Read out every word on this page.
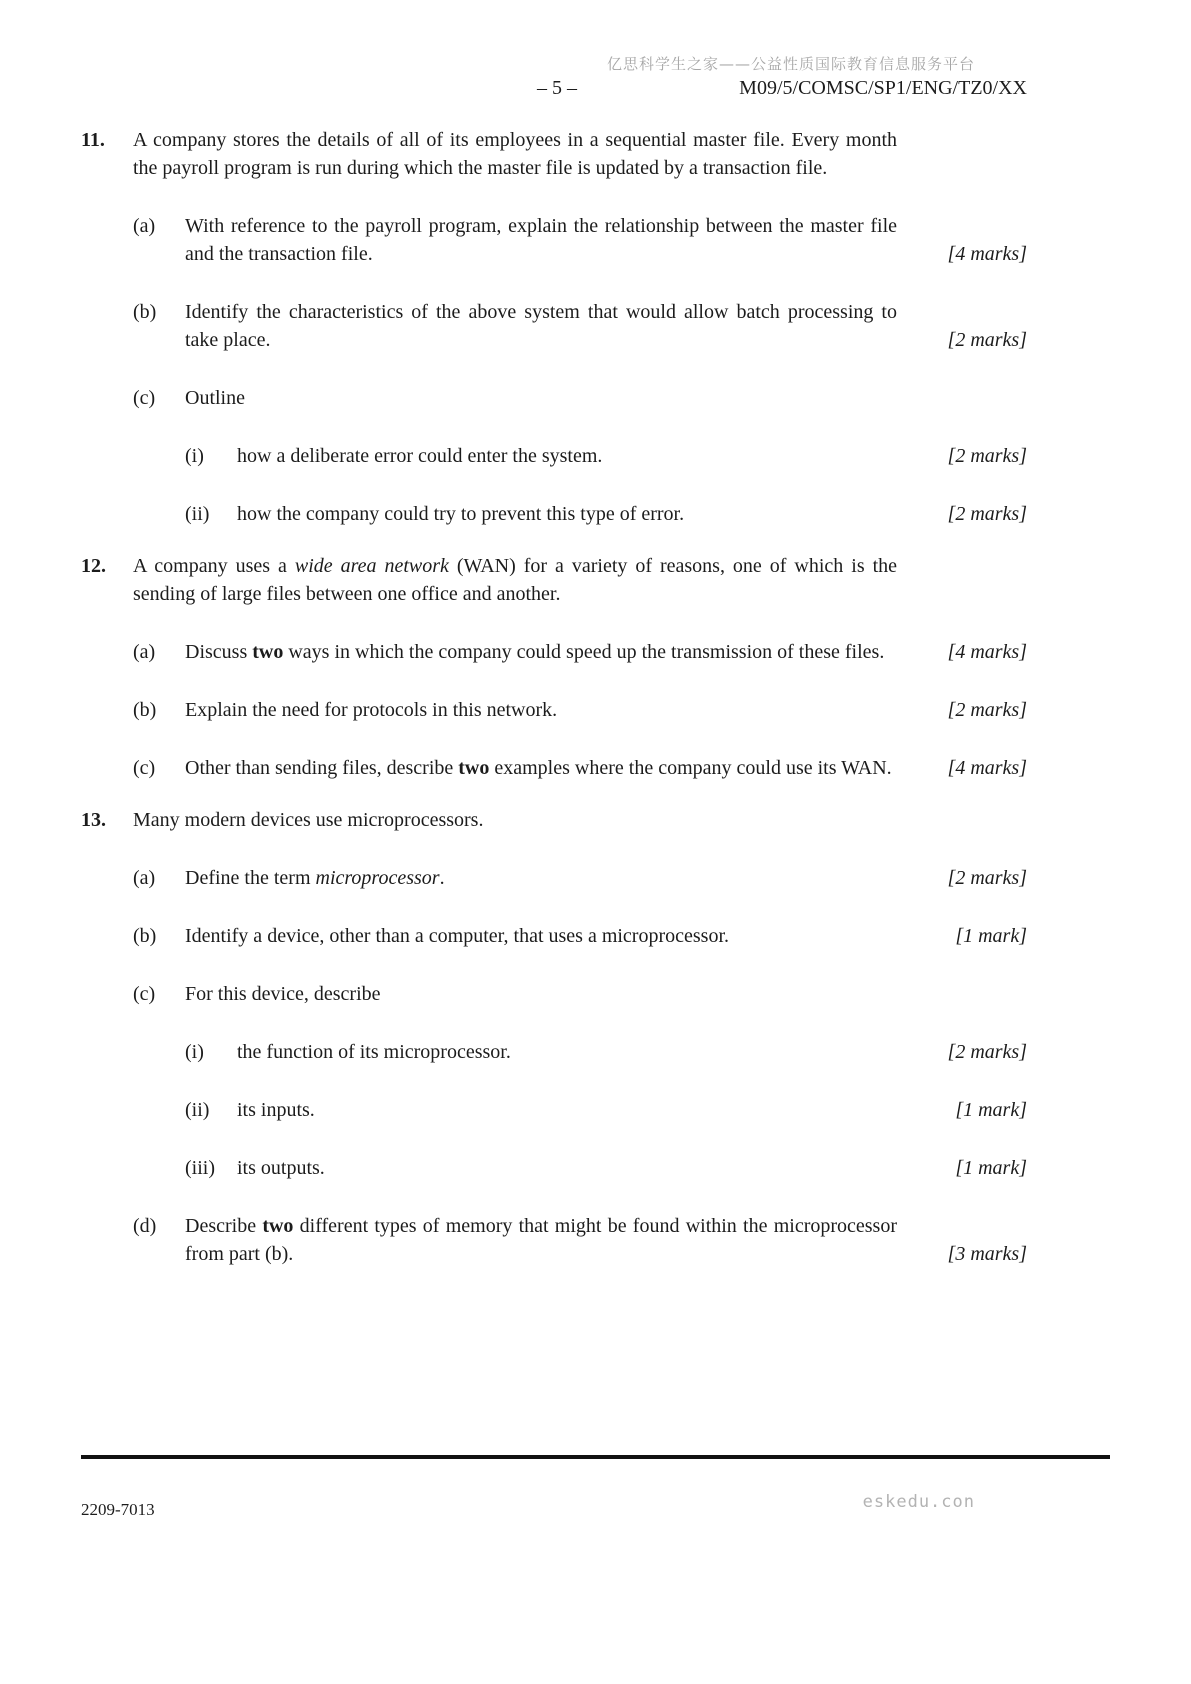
亿思科学生之家——公益性质国际教育信息服务平台
– 5 –	M09/5/COMSC/SP1/ENG/TZ0/XX
11.	A company stores the details of all of its employees in a sequential master file. Every month the payroll program is run during which the master file is updated by a transaction file.
(a)	With reference to the payroll program, explain the relationship between the master file and the transaction file.	[4 marks]
(b)	Identify the characteristics of the above system that would allow batch processing to take place.	[2 marks]
(c)	Outline
(i)	how a deliberate error could enter the system.	[2 marks]
(ii)	how the company could try to prevent this type of error.	[2 marks]
12.	A company uses a wide area network (WAN) for a variety of reasons, one of which is the sending of large files between one office and another.
(a)	Discuss two ways in which the company could speed up the transmission of these files.	[4 marks]
(b)	Explain the need for protocols in this network.	[2 marks]
(c)	Other than sending files, describe two examples where the company could use its WAN.	[4 marks]
13.	Many modern devices use microprocessors.
(a)	Define the term microprocessor.	[2 marks]
(b)	Identify a device, other than a computer, that uses a microprocessor.	[1 mark]
(c)	For this device, describe
(i)	the function of its microprocessor.	[2 marks]
(ii)	its inputs.	[1 mark]
(iii)	its outputs.	[1 mark]
(d)	Describe two different types of memory that might be found within the microprocessor from part (b).	[3 marks]
2209-7013	eskedu.con
